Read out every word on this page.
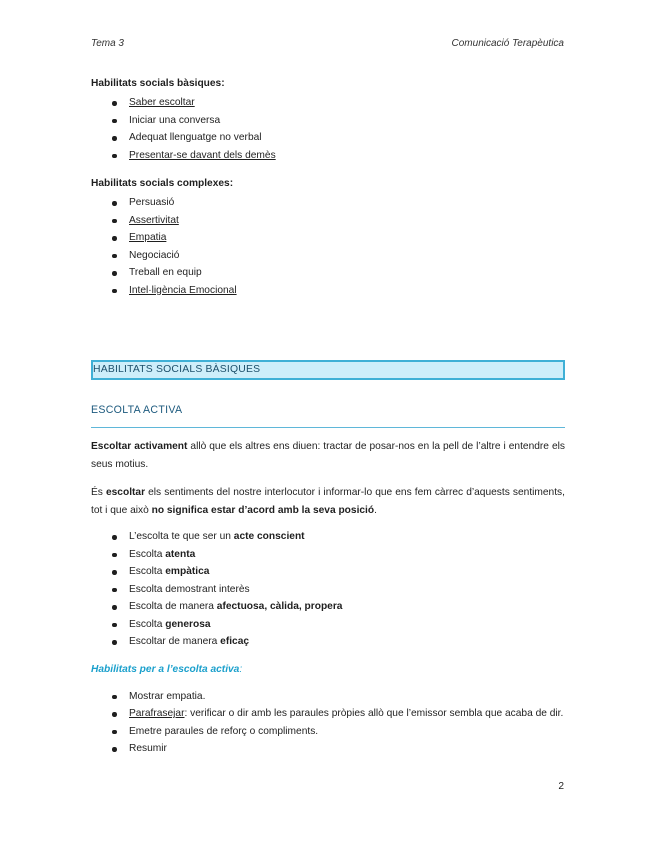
Tema 3	Comunicació Terapèutica
Habilitats socials bàsiques:
Saber escoltar
Iniciar una conversa
Adequat llenguatge no verbal
Presentar-se davant dels demès
Habilitats socials complexes:
Persuasió
Assertivitat
Empatia
Negociació
Treball en equip
Intel·ligència Emocional
HABILITATS SOCIALS BÀSIQUES
ESCOLTA ACTIVA

Escoltar activament allò que els altres ens diuen: tractar de posar-nos en la pell de l’altre i entendre els seus motius.

És escoltar els sentiments del nostre interlocutor i informar-lo que ens fem càrrec d’aquests sentiments, tot i que això no significa estar d’acord amb la seva posició.

L’escolta te que ser un acte conscient
Escolta atenta
Escolta empàtica
Escolta demostrant interès
Escolta de manera afectuosa, càlida, propera
Escolta generosa
Escoltar de manera eficaç
Habilitats per a l’escolta activa:
Mostrar empatia.
Parafrasejar: verificar o dir amb les paraules pròpies allò que l’emissor sembla que acaba de dir.
Emetre paraules de reforç o compliments.
Resumir
2
